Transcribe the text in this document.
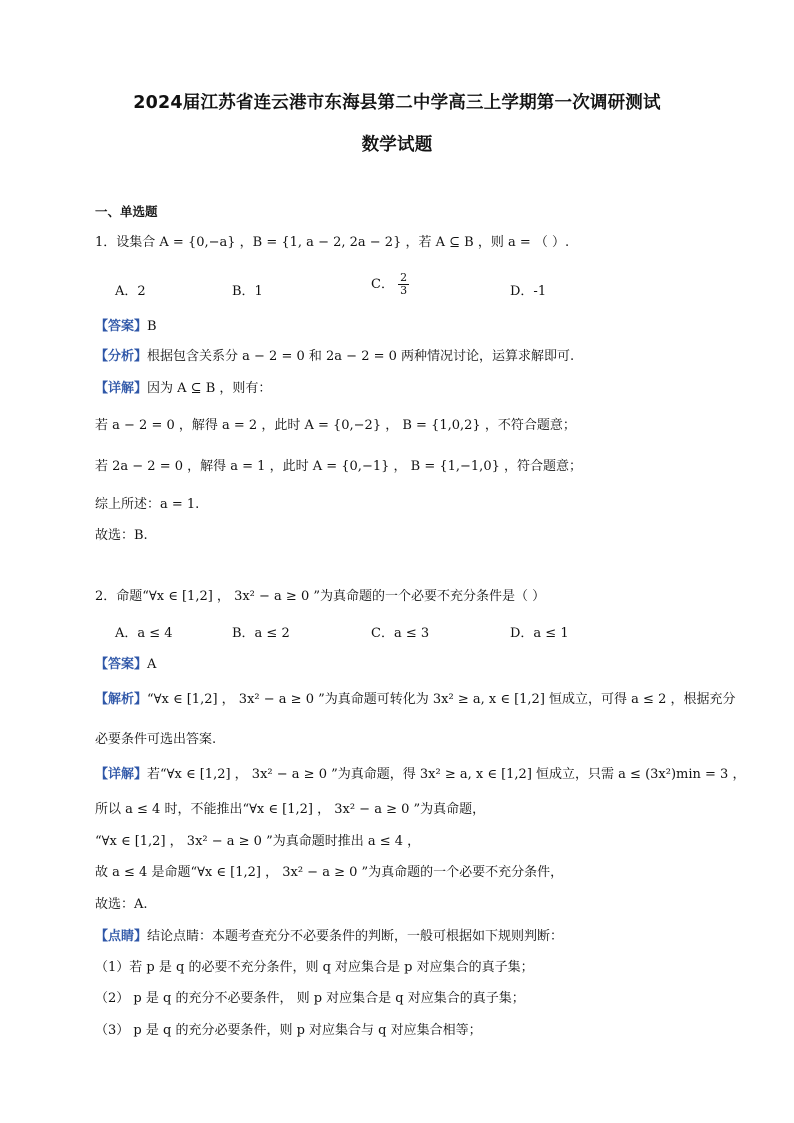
2024届江苏省连云港市东海县第二中学高三上学期第一次调研测试
数学试题
一、单选题
1．设集合 A = {0,−a} ，B = {1, a − 2, 2a − 2} ，若 A ⊆ B ，则 a = （ ）.
A．2	B．1	C． $\frac{2}{3}$	D．-1
【答案】B
【分析】根据包含关系分 a − 2 = 0 和 2a − 2 = 0 两种情况讨论，运算求解即可.
【详解】因为 A ⊆ B ，则有：
若 a − 2 = 0 ，解得 a = 2 ，此时 A = {0,−2} ， B = {1,0,2} ，不符合题意；
若 2a − 2 = 0 ，解得 a = 1 ，此时 A = {0,−1} ， B = {1,−1,0} ，符合题意；
综上所述：a = 1.
故选：B.
2．命题“∀x ∈ [1,2] ， 3x² − a ≥ 0 ”为真命题的一个必要不充分条件是（ ）
A．a ≤ 4	B．a ≤ 2	C．a ≤ 3	D．a ≤ 1
【答案】A
【解析】“∀x ∈ [1,2] ， 3x² − a ≥ 0 ”为真命题可转化为 3x² ≥ a, x ∈ [1,2] 恒成立，可得 a ≤ 2 ，根据充分
必要条件可选出答案.
【详解】若“∀x ∈ [1,2] ， 3x² − a ≥ 0 ”为真命题，得 3x² ≥ a, x ∈ [1,2] 恒成立，只需 a ≤ (3x²)min = 3 ，
所以 a ≤ 4 时，不能推出“∀x ∈ [1,2] ， 3x² − a ≥ 0 ”为真命题，
“∀x ∈ [1,2] ， 3x² − a ≥ 0 ”为真命题时推出 a ≤ 4 ，
故 a ≤ 4 是命题“∀x ∈ [1,2] ， 3x² − a ≥ 0 ”为真命题的一个必要不充分条件，
故选：A.
【点睛】结论点睛：本题考查充分不必要条件的判断，一般可根据如下规则判断：
（1）若 p 是 q 的必要不充分条件，则 q 对应集合是 p 对应集合的真子集；
（2） p 是 q 的充分不必要条件， 则 p 对应集合是 q 对应集合的真子集；
（3） p 是 q 的充分必要条件，则 p 对应集合与 q 对应集合相等；
